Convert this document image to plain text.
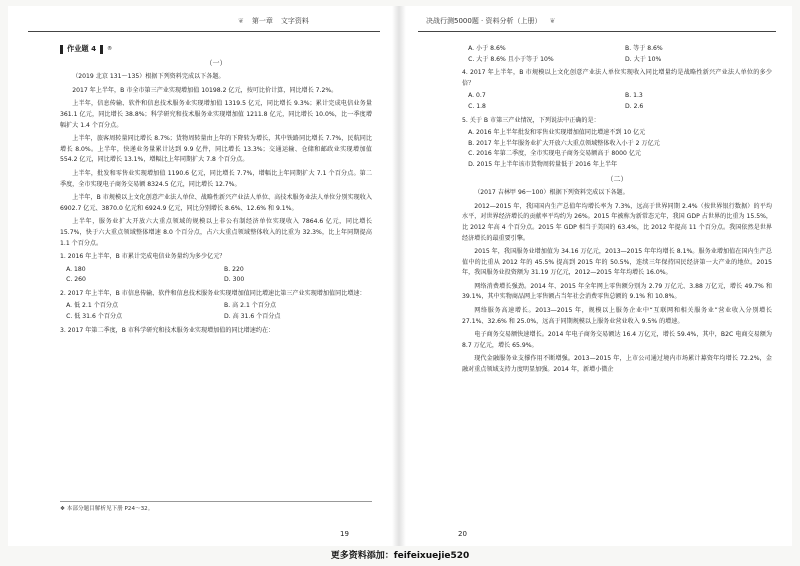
❦ 第一章 文字资料
作业题 4 ®
（一）

（2019 北京 131～135）根据下列资料完成以下各题。

2017 年上半年，B 市全市第三产业实现增加值 10198.2 亿元，按可比价计算，同比增长 7.2%。

上半年，信息传输、软件和信息技术服务业实现增加值 1319.5 亿元，同比增长 9.3%；累计完成电信业务量 361.1 亿元，同比增长 38.8%；科学研究和技术服务业实现增加值 1211.8 亿元，同比增长 10.0%，比一季度增幅扩大 1.4 个百分点。

上半年，旅客周转量同比增长 8.7%；货物周转量由上年的下降转为增长，其中铁路同比增长 7.7%，民航同比增长 8.0%。上半年，快递业务量累计达到 9.9 亿件，同比增长 13.3%；交通运输、仓储和邮政业实现增加值 554.2 亿元，同比增长 13.1%，增幅比上年同期扩大 7.8 个百分点。

上半年，批发和零售业实现增加值 1190.6 亿元，同比增长 7.7%，增幅比上年同期扩大 7.1 个百分点。第二季度，全市实现电子商务交易额 8324.5 亿元，同比增长 12.7%。

上半年，B 市规模以上文化创意产业法人单位、战略性新兴产业法人单位、高技术服务业法人单位分别实现收入 6902.7 亿元、3870.0 亿元和 6924.9 亿元，同比分别增长 8.6%、12.6% 和 9.1%。

上半年，服务业扩大开放六大重点领域的规模以上非公有制经济单位实现收入 7864.6 亿元，同比增长 15.7%，快于六大重点领域整体增速 8.0 个百分点，占六大重点领域整体收入的比重为 32.3%，比上年同期提高 1.1 个百分点。

1. 2016 年上半年，B 市累计完成电信业务量约为多少亿元？

A. 180	B. 220
C. 260	D. 300

2. 2017 年上半年，B 市信息传输、软件和信息技术服务业实现增加值同比增速比第三产业实现增加值同比增速：

A. 低 2.1 个百分点	B. 高 2.1 个百分点
C. 低 31.6 个百分点	D. 高 31.6 个百分点

3. 2017 年第二季度，B 市科学研究和技术服务业实现增加值的同比增速约在：

❖ 本部分题目解析见下册 P24～32。
19
决战行测5000题 · 资料分析（上册） ❦
A. 小于 8.6%	B. 等于 8.6%
C. 大于 8.6% 且小于等于 10%	D. 大于 10%

4. 2017 年上半年，B 市规模以上文化创意产业法人单位实现收入同比增量约是战略性新兴产业法人单位的多少倍？

A. 0.7	B. 1.3
C. 1.8	D. 2.6

5. 关于 B 市第三产业情况，下列说法中正确的是：

A. 2016 年上半年批发和零售业实现增加值同比增速不到 10 亿元
B. 2017 年上半年服务业扩大开放六大重点领域整体收入小于 2 万亿元
C. 2016 年第二季度，全市实现电子商务交易额高于 8000 亿元
D. 2015 年上半年该市货物周转量低于 2016 年上半年
（二）

（2017 吉林甲 96～100）根据下列资料完成以下各题。

2012—2015 年，我国国内生产总值年均增长率为 7.3%，远高于世界同期 2.4%（按世界银行数据）的平均水平，对世界经济增长的贡献率平均约为 26%。2015 年被称为新常态元年，我国 GDP 占世界的比重为 15.5%，比 2012 年高 4 个百分点。2015 年 GDP 相当于美国的 63.4%，比 2012 年提高 11 个百分点。我国依然是世界经济增长的最重要引擎。

2015 年，我国服务业增加值为 34.16 万亿元，2013—2015 年年均增长 8.1%。服务业增加值在国内生产总值中的比重从 2012 年的 45.5% 提高到 2015 年的 50.5%，连续三年保持国民经济第一大产业的地位。2015 年，我国服务业投资额为 31.19 万亿元，2012—2015 年年均增长 16.0%。

网络消费增长强劲。2014 年、2015 年全年网上零售额分别为 2.79 万亿元、3.88 万亿元，增长 49.7% 和 39.1%，其中实物商品网上零售额占当年社会消费零售总额的 9.1% 和 10.8%。

网络服务高速增长。2013—2015 年，规模以上服务企业中“互联网和相关服务业”营业收入分别增长 27.1%、32.6% 和 25.0%，远高于同期规模以上服务业营业收入 9.5% 的增速。

电子商务交易额快速增长。2014 年电子商务交易额达 16.4 万亿元，增长 59.4%，其中，B2C 电商交易额为 8.7 万亿元，增长 65.9%。

现代金融服务业支撑作用不断增强。2013—2015 年，上市公司通过境内市场累计募资年均增长 72.2%，金融对重点领域支持力度明显加强。2014 年，新增小微企

20
更多资料添加：feifeixuejie520
